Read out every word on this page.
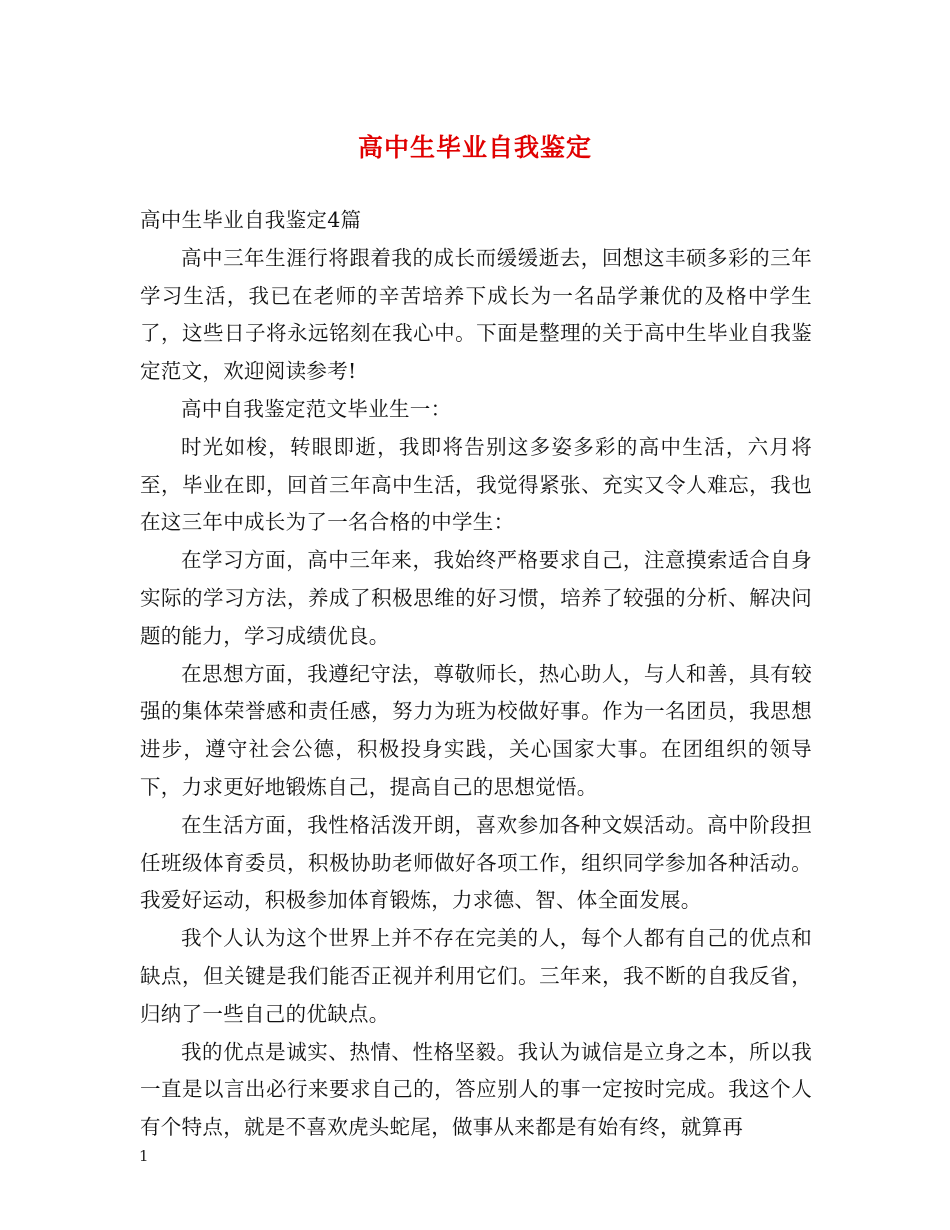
高中生毕业自我鉴定

高中生毕业自我鉴定4篇

高中三年生涯行将跟着我的成长而缓缓逝去，回想这丰硕多彩的三年学习生活，我已在老师的辛苦培养下成长为一名品学兼优的及格中学生了，这些日子将永远铭刻在我心中。下面是整理的关于高中生毕业自我鉴定范文，欢迎阅读参考!

高中自我鉴定范文毕业生一：

时光如梭，转眼即逝，我即将告别这多姿多彩的高中生活，六月将至，毕业在即，回首三年高中生活，我觉得紧张、充实又令人难忘，我也在这三年中成长为了一名合格的中学生：

在学习方面，高中三年来，我始终严格要求自己，注意摸索适合自身实际的学习方法，养成了积极思维的好习惯，培养了较强的分析、解决问题的能力，学习成绩优良。

在思想方面，我遵纪守法，尊敬师长，热心助人，与人和善，具有较强的集体荣誉感和责任感，努力为班为校做好事。作为一名团员，我思想进步，遵守社会公德，积极投身实践，关心国家大事。在团组织的领导下，力求更好地锻炼自己，提高自己的思想觉悟。

在生活方面，我性格活泼开朗，喜欢参加各种文娱活动。高中阶段担任班级体育委员，积极协助老师做好各项工作，组织同学参加各种活动。我爱好运动，积极参加体育锻炼，力求德、智、体全面发展。

我个人认为这个世界上并不存在完美的人，每个人都有自己的优点和缺点，但关键是我们能否正视并利用它们。三年来，我不断的自我反省，归纳了一些自己的优缺点。

我的优点是诚实、热情、性格坚毅。我认为诚信是立身之本，所以我一直是以言出必行来要求自己的，答应别人的事一定按时完成。我这个人有个特点，就是不喜欢虎头蛇尾，做事从来都是有始有终，就算再

1
